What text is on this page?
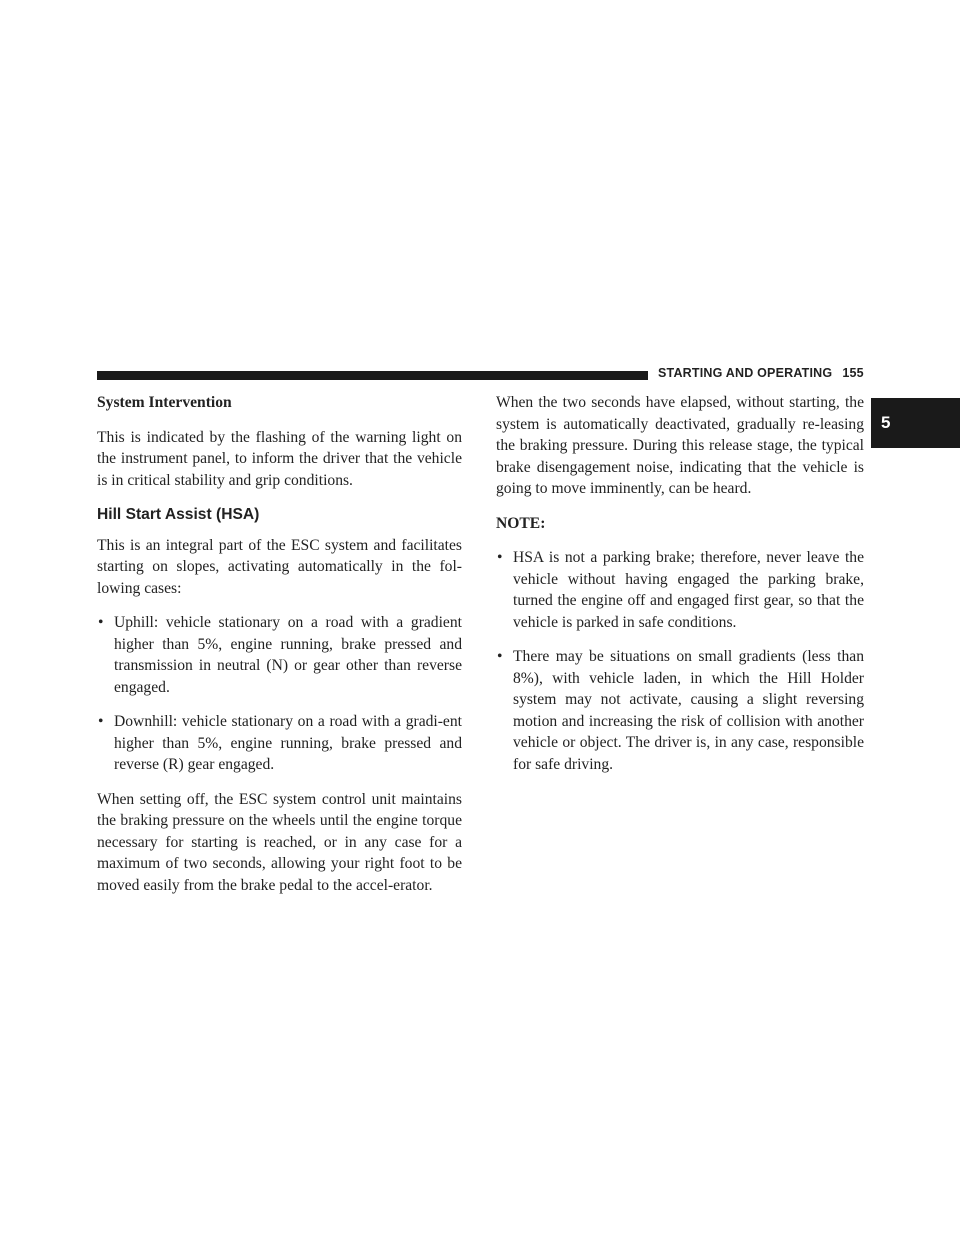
STARTING AND OPERATING 155
5

System Intervention

This is indicated by the flashing of the warning light on the instrument panel, to inform the driver that the vehicle is in critical stability and grip conditions.

Hill Start Assist (HSA)

This is an integral part of the ESC system and facilitates starting on slopes, activating automatically in the fol-lowing cases:

• Uphill: vehicle stationary on a road with a gradient higher than 5%, engine running, brake pressed and transmission in neutral (N) or gear other than reverse engaged.
• Downhill: vehicle stationary on a road with a gradi-ent higher than 5%, engine running, brake pressed and reverse (R) gear engaged.

When setting off, the ESC system control unit maintains the braking pressure on the wheels until the engine torque necessary for starting is reached, or in any case for a maximum of two seconds, allowing your right foot to be moved easily from the brake pedal to the accel-erator.

When the two seconds have elapsed, without starting, the system is automatically deactivated, gradually re-leasing the braking pressure. During this release stage, the typical brake disengagement noise, indicating that the vehicle is going to move imminently, can be heard.

NOTE:

• HSA is not a parking brake; therefore, never leave the vehicle without having engaged the parking brake, turned the engine off and engaged first gear, so that the vehicle is parked in safe conditions.
• There may be situations on small gradients (less than 8%), with vehicle laden, in which the Hill Holder system may not activate, causing a slight reversing motion and increasing the risk of collision with another vehicle or object. The driver is, in any case, responsible for safe driving.
